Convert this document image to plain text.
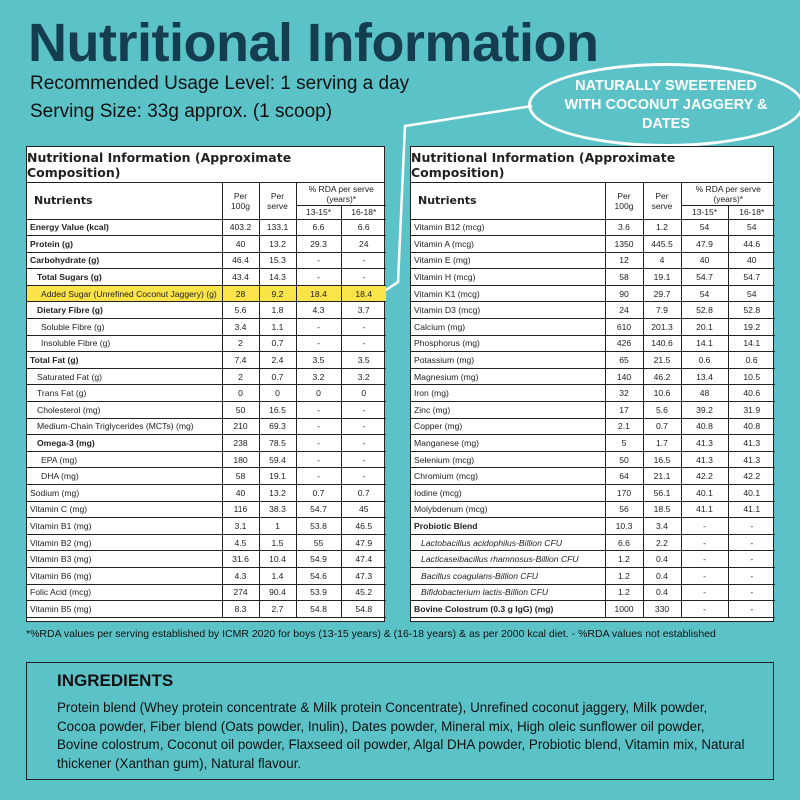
Nutritional Information
Recommended Usage Level: 1 serving a day
Serving Size: 33g approx. (1 scoop)
NATURALLY SWEETENED WITH COCONUT JAGGERY & DATES
Nutritional Information (Approximate Composition)
Nutrients	Per 100g	Per serve	% RDA per serve (years)*	
			13-15*	16-18*
Energy Value (kcal)	403.2	133.1	6.6	6.6
Protein (g)	40	13.2	29.3	24
Carbohydrate (g)	46.4	15.3	-	-
Total Sugars (g)	43.4	14.3	-	-
Added Sugar (Unrefined Coconut Jaggery) (g)	28	9.2	18.4	18.4
Dietary Fibre (g)	5.6	1.8	4.3	3.7
Soluble Fibre (g)	3.4	1.1	-	-
Insoluble Fibre (g)	2	0.7	-	-
Total Fat (g)	7.4	2.4	3.5	3.5
Saturated Fat (g)	2	0.7	3.2	3.2
Trans Fat (g)	0	0	0	0
Cholesterol (mg)	50	16.5	-	-
Medium-Chain Triglycerides (MCTs) (mg)	210	69.3	-	-
Omega-3 (mg)	238	78.5	-	-
EPA (mg)	180	59.4	-	-
DHA (mg)	58	19.1	-	-
Sodium (mg)	40	13.2	0.7	0.7
Vitamin C (mg)	116	38.3	54.7	45
Vitamin B1 (mg)	3.1	1	53.8	46.5
Vitamin B2 (mg)	4.5	1.5	55	47.9
Vitamin B3 (mg)	31.6	10.4	54.9	47.4
Vitamin B6 (mg)	4.3	1.4	54.6	47.3
Folic Acid (mcg)	274	90.4	53.9	45.2
Vitamin B5 (mg)	8.3	2.7	54.8	54.8
Nutritional Information (Approximate Composition)
Nutrients	Per 100g	Per serve	% RDA per serve (years)*	
			13-15*	16-18*
Vitamin B12 (mcg)	3.6	1.2	54	54
Vitamin A (mcg)	1350	445.5	47.9	44.6
Vitamin E (mg)	12	4	40	40
Vitamin H (mcg)	58	19.1	54.7	54.7
Vitamin K1 (mcg)	90	29.7	54	54
Vitamin D3 (mcg)	24	7.9	52.8	52.8
Calcium (mg)	610	201.3	20.1	19.2
Phosphorus (mg)	426	140.6	14.1	14.1
Potassium (mg)	65	21.5	0.6	0.6
Magnesium (mg)	140	46.2	13.4	10.5
Iron (mg)	32	10.6	48	40.6
Zinc (mg)	17	5.6	39.2	31.9
Copper (mg)	2.1	0.7	40.8	40.8
Manganese (mg)	5	1.7	41.3	41.3
Selenium (mcg)	50	16.5	41.3	41.3
Chromium (mcg)	64	21.1	42.2	42.2
Iodine (mcg)	170	56.1	40.1	40.1
Molybdenum (mcg)	56	18.5	41.1	41.1
Probiotic Blend	10.3	3.4	-	-
Lactobacillus acidophilus-Billion CFU	6.6	2.2	-	-
Lacticaseibacillus rhamnosus-Billion CFU	1.2	0.4	-	-
Bacillus coagulans-Billion CFU	1.2	0.4	-	-
Bifidobacterium lactis-Billion CFU	1.2	0.4	-	-
Bovine Colostrum (0.3 g IgG) (mg)	1000	330	-	-
*%RDA values per serving established by ICMR 2020 for boys (13-15 years) & (16-18 years) & as per 2000 kcal diet. - %RDA values not established
INGREDIENTS

Protein blend (Whey protein concentrate & Milk protein Concentrate), Unrefined coconut jaggery, Milk powder, Cocoa powder, Fiber blend (Oats powder, Inulin), Dates powder, Mineral mix, High oleic sunflower oil powder, Bovine colostrum, Coconut oil powder, Flaxseed oil powder, Algal DHA powder, Probiotic blend, Vitamin mix, Natural thickener (Xanthan gum), Natural flavour.
